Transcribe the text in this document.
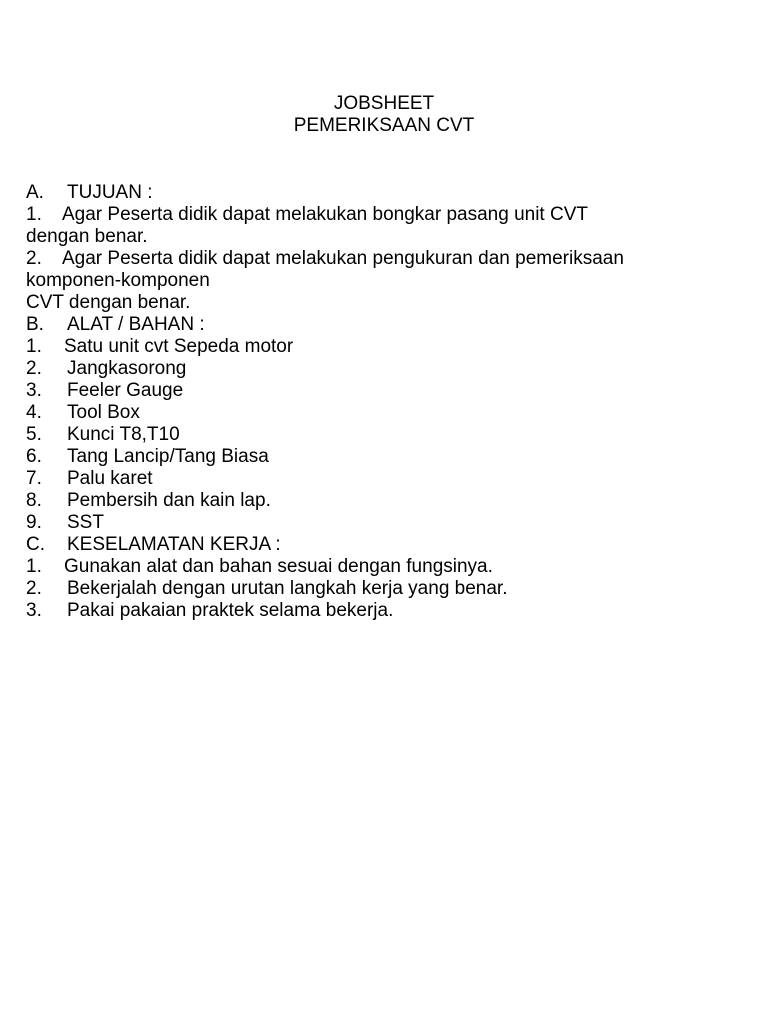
JOBSHEET

PEMERIKSAAN CVT

A.	TUJUAN :
1. Agar Peserta didik dapat melakukan bongkar pasang unit CVT
dengan benar.
2. Agar Peserta didik dapat melakukan pengukuran dan pemeriksaan
komponen-komponen
CVT dengan benar.
B.	ALAT / BAHAN :
1.	Satu unit cvt Sepeda motor
2.	Jangkasorong
3.	Feeler Gauge
4.	Tool Box
5.	Kunci T8,T10
6.	Tang Lancip/Tang Biasa
7.	Palu karet
8.	Pembersih dan kain lap.
9.	SST
C.	KESELAMATAN KERJA :
1.	Gunakan alat dan bahan sesuai dengan fungsinya.
2.	Bekerjalah dengan urutan langkah kerja yang benar.
3.	Pakai pakaian praktek selama bekerja.
